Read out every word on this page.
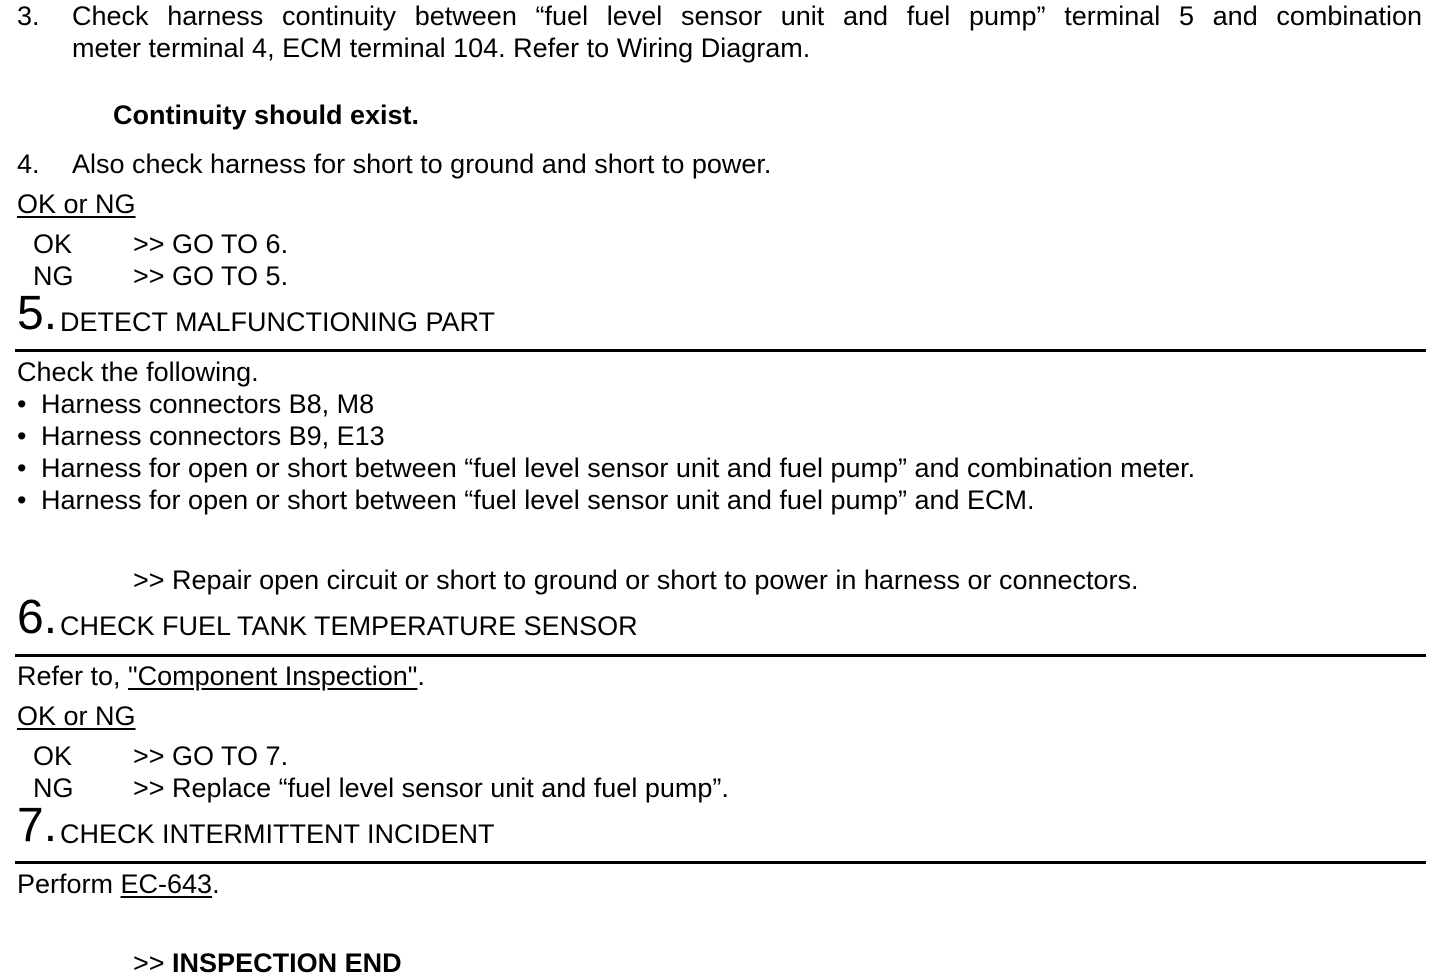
3. Check harness continuity between “fuel level sensor unit and fuel pump” terminal 5 and combination
meter terminal 4, ECM terminal 104. Refer to Wiring Diagram.
Continuity should exist.
4. Also check harness for short to ground and short to power.
OK or NG
OK >> GO TO 6.
NG >> GO TO 5.
5. DETECT MALFUNCTIONING PART
Check the following.
• Harness connectors B8, M8
• Harness connectors B9, E13
• Harness for open or short between “fuel level sensor unit and fuel pump” and combination meter.
• Harness for open or short between “fuel level sensor unit and fuel pump” and ECM.
>> Repair open circuit or short to ground or short to power in harness or connectors.
6. CHECK FUEL TANK TEMPERATURE SENSOR
Refer to, "Component Inspection".
OK or NG
OK >> GO TO 7.
NG >> Replace “fuel level sensor unit and fuel pump”.
7. CHECK INTERMITTENT INCIDENT
Perform EC-643.
>> INSPECTION END
